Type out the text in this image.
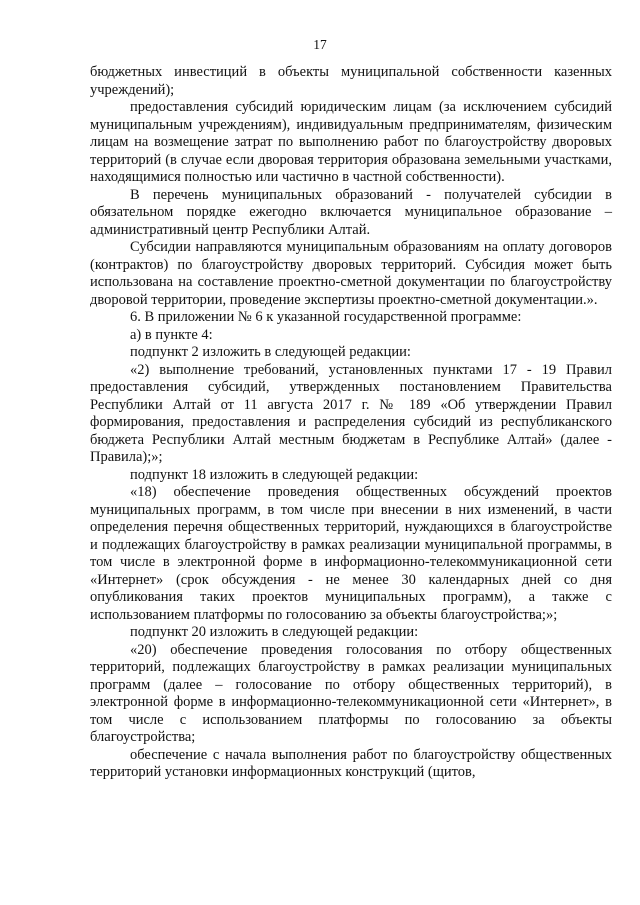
17

бюджетных инвестиций в объекты муниципальной собственности казенных учреждений);

предоставления субсидий юридическим лицам (за исключением субсидий муниципальным учреждениям), индивидуальным предпринимателям, физическим лицам на возмещение затрат по выполнению работ по благоустройству дворовых территорий (в случае если дворовая территория образована земельными участками, находящимися полностью или частично в частной собственности).

В перечень муниципальных образований - получателей субсидии в обязательном порядке ежегодно включается муниципальное образование – административный центр Республики Алтай.

Субсидии направляются муниципальным образованиям на оплату договоров (контрактов) по благоустройству дворовых территорий. Субсидия может быть использована на составление проектно-сметной документации по благоустройству дворовой территории, проведение экспертизы проектно-сметной документации.».

6. В приложении № 6 к указанной государственной программе:

а) в пункте 4:

подпункт 2 изложить в следующей редакции:

«2) выполнение требований, установленных пунктами 17 - 19 Правил предоставления субсидий, утвержденных постановлением Правительства Республики Алтай от 11 августа 2017 г. № 189 «Об утверждении Правил формирования, предоставления и распределения субсидий из республиканского бюджета Республики Алтай местным бюджетам в Республике Алтай» (далее - Правила);»;

подпункт 18 изложить в следующей редакции:

«18) обеспечение проведения общественных обсуждений проектов муниципальных программ, в том числе при внесении в них изменений, в части определения перечня общественных территорий, нуждающихся в благоустройстве и подлежащих благоустройству в рамках реализации муниципальной программы, в том числе в электронной форме в информационно-телекоммуникационной сети «Интернет» (срок обсуждения - не менее 30 календарных дней со дня опубликования таких проектов муниципальных программ), а также с использованием платформы по голосованию за объекты благоустройства;»;

подпункт 20 изложить в следующей редакции:

«20) обеспечение проведения голосования по отбору общественных территорий, подлежащих благоустройству в рамках реализации муниципальных программ (далее – голосование по отбору общественных территорий), в электронной форме в информационно-телекоммуникационной сети «Интернет», в том числе с использованием платформы по голосованию за объекты благоустройства;

обеспечение с начала выполнения работ по благоустройству общественных территорий установки информационных конструкций (щитов,
